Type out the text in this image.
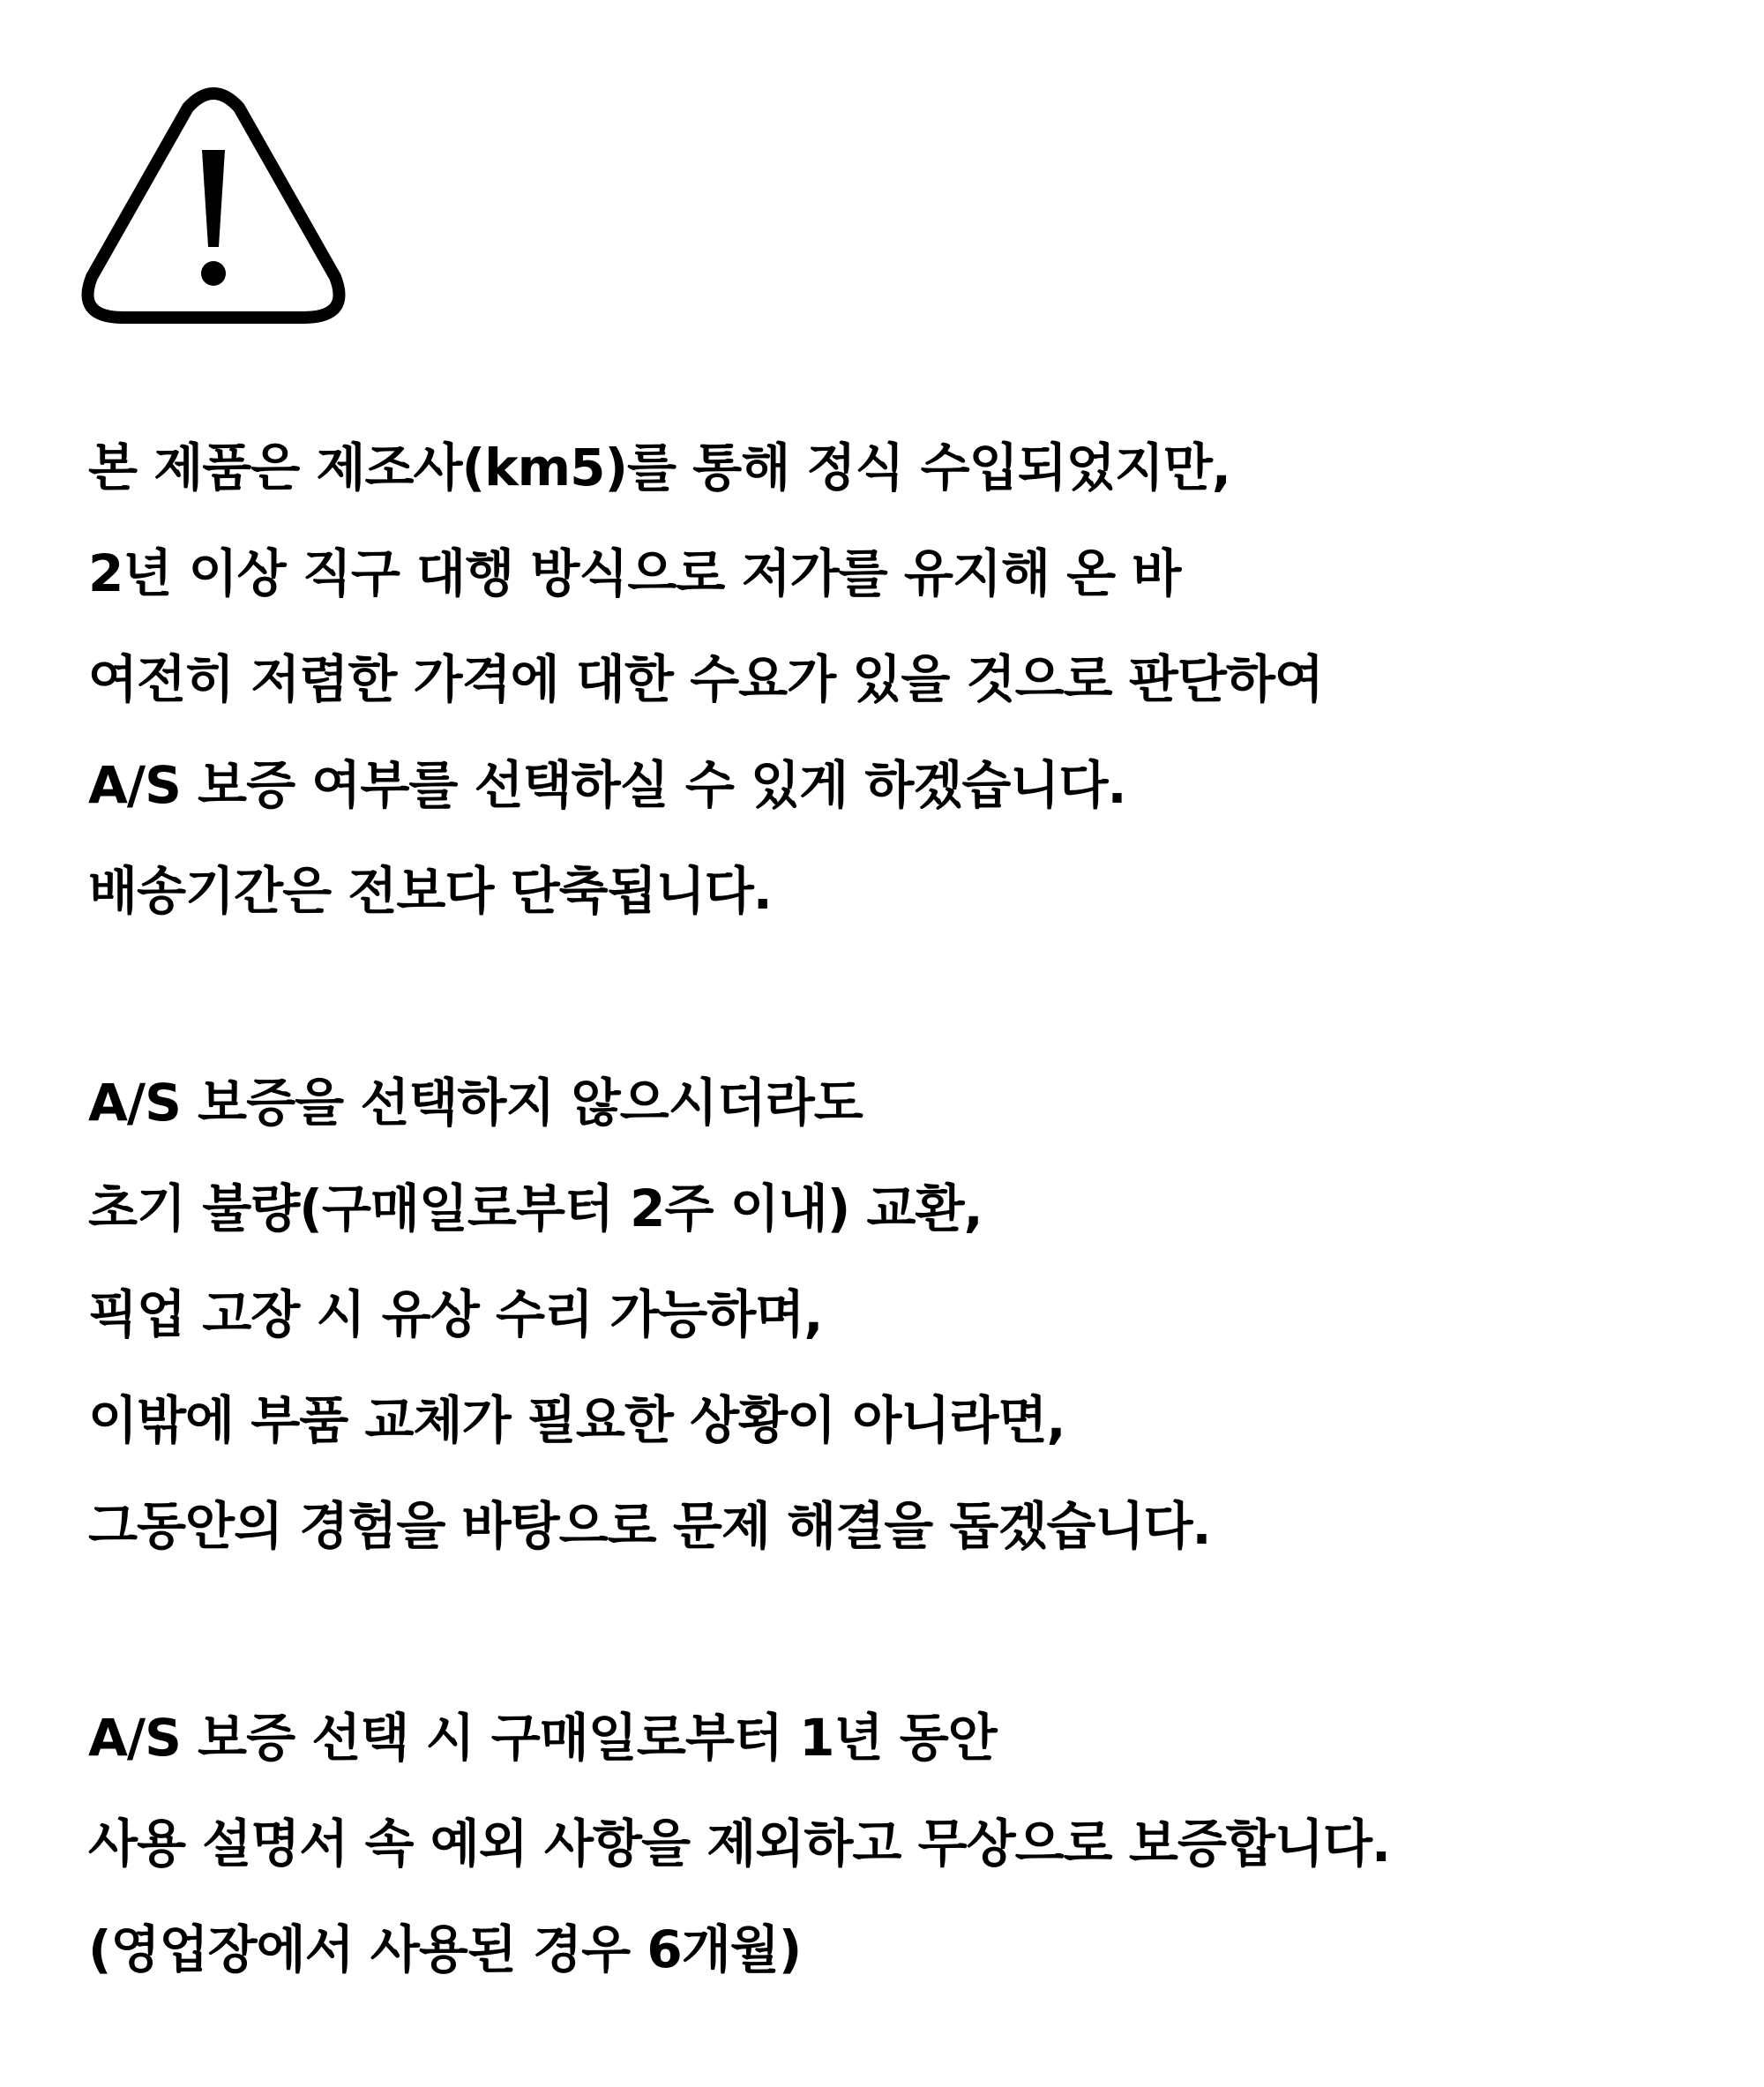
본 제품은 제조사(km5)를 통해 정식 수입되었지만,
2년 이상 직구 대행 방식으로 저가를 유지해 온 바
여전히 저렴한 가격에 대한 수요가 있을 것으로 판단하여
A/S 보증 여부를 선택하실 수 있게 하겠습니다.
배송기간은 전보다 단축됩니다.
A/S 보증을 선택하지 않으시더라도
초기 불량(구매일로부터 2주 이내) 교환,
픽업 고장 시 유상 수리 가능하며,
이밖에 부품 교체가 필요한 상황이 아니라면,
그동안의 경험을 바탕으로 문제 해결을 돕겠습니다.
A/S 보증 선택 시 구매일로부터 1년 동안
사용 설명서 속 예외 사항을 제외하고 무상으로 보증합니다.
(영업장에서 사용된 경우 6개월)
